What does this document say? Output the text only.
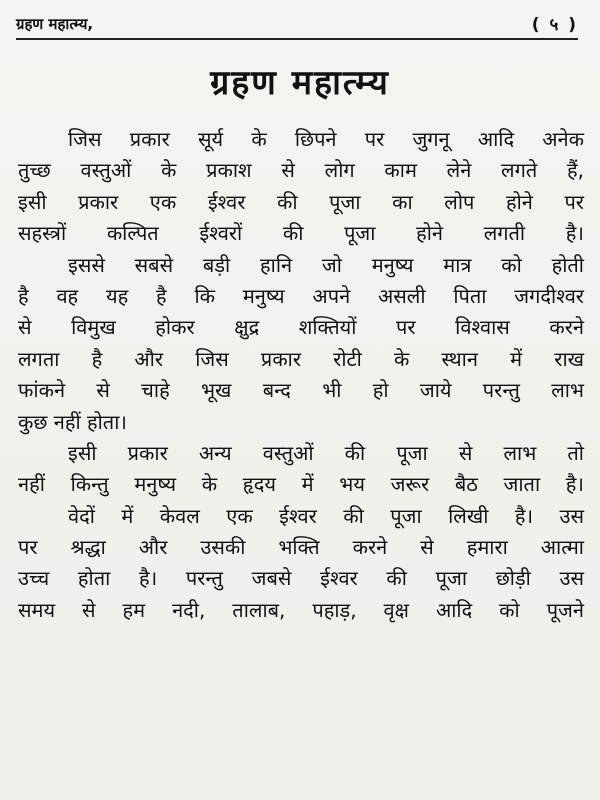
ग्रहण महात्म्य,	( ५ )
ग्रहण महात्म्य
जिस प्रकार सूर्य के छिपने पर जुगनू आदि अनेक
तुच्छ वस्तुओं के प्रकाश से लोग काम लेने लगते हैं,
इसी प्रकार एक ईश्वर की पूजा का लोप होने पर
सहस्त्रों कल्पित ईश्वरों की पूजा होने लगती है।
इससे सबसे बड़ी हानि जो मनुष्य मात्र को होती
है वह यह है कि मनुष्य अपने असली पिता जगदीश्वर
से विमुख होकर क्षुद्र शक्तियों पर विश्वास करने
लगता है और जिस प्रकार रोटी के स्थान में राख
फांकने से चाहे भूख बन्द भी हो जाये परन्तु लाभ
कुछ नहीं होता।
इसी प्रकार अन्य वस्तुओं की पूजा से लाभ तो
नहीं किन्तु मनुष्य के हृदय में भय जरूर बैठ जाता है।
वेदों में केवल एक ईश्वर की पूजा लिखी है। उस
पर श्रद्धा और उसकी भक्ति करने से हमारा आत्मा
उच्च होता है। परन्तु जबसे ईश्वर की पूजा छोड़ी उस
समय से हम नदी, तालाब, पहाड़, वृक्ष आदि को पूजने
